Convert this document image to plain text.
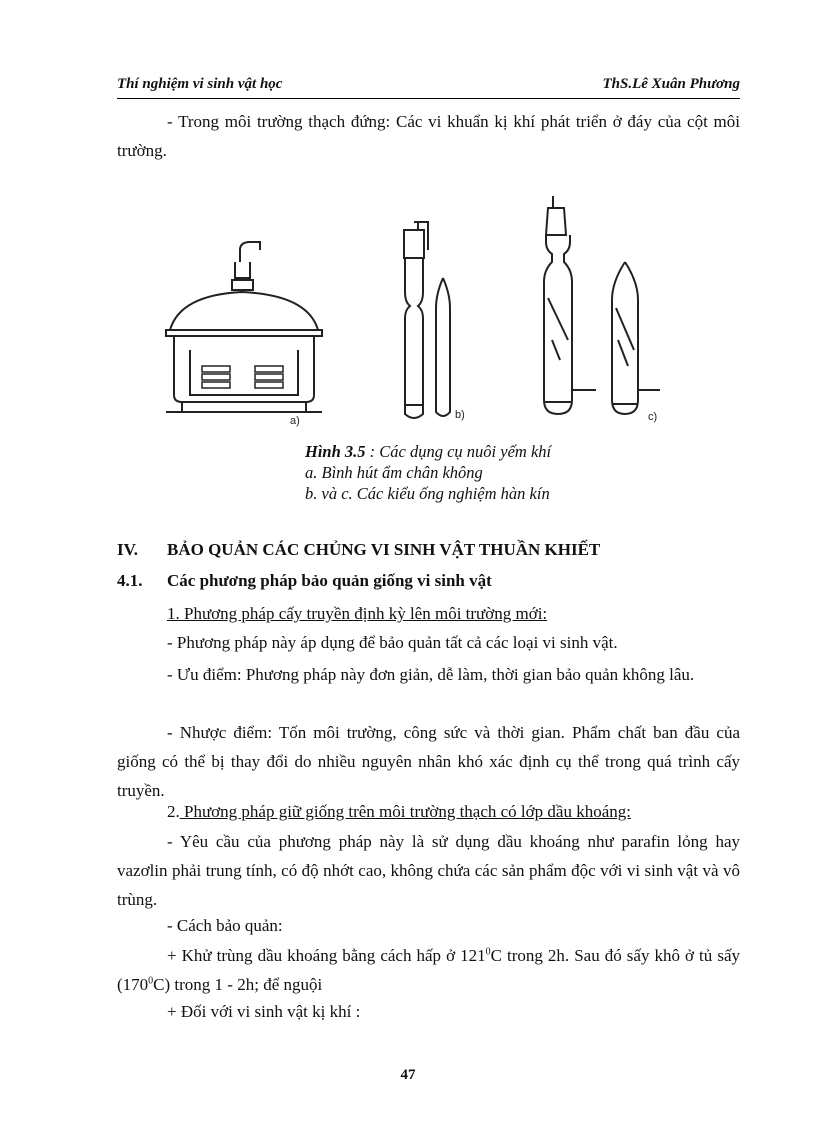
Thí nghiệm vi sinh vật học	ThS.Lê Xuân Phương
- Trong môi trường thạch đứng: Các vi khuẩn kị khí phát triển ở đáy của cột môi trường.
a)	b)	c)
Hình 3.5 : Các dụng cụ nuôi yếm khí
a. Bình hút ẩm chân không
b. và c. Các kiểu ống nghiệm hàn kín
IV. BẢO QUẢN CÁC CHỦNG VI SINH VẬT THUẦN KHIẾT
4.1. Các phương pháp bảo quản giống vi sinh vật
1. Phương pháp cấy truyền định kỳ lên môi trường mới:
- Phương pháp này áp dụng để bảo quản tất cả các loại vi sinh vật.
- Ưu điểm: Phương pháp này đơn giản, dễ làm, thời gian bảo quản không lâu.
- Nhược điểm: Tốn môi trường, công sức và thời gian. Phẩm chất ban đầu của giống có thể bị thay đổi do nhiều nguyên nhân khó xác định cụ thể trong quá trình cấy truyền.
2. Phương pháp giữ giống trên môi trường thạch có lớp dầu khoáng:
- Yêu cầu của phương pháp này là sử dụng dầu khoáng như parafin lỏng hay vazơlin phải trung tính, có độ nhớt cao, không chứa các sản phẩm độc với vi sinh vật và vô trùng.
- Cách bảo quản:
+ Khử trùng dầu khoáng bằng cách hấp ở $121^0C$ trong 2h. Sau đó sấy khô ở tủ sấy $(170^0C)$ trong 1 - 2h; để nguội
+ Đối với vi sinh vật kị khí :
47
